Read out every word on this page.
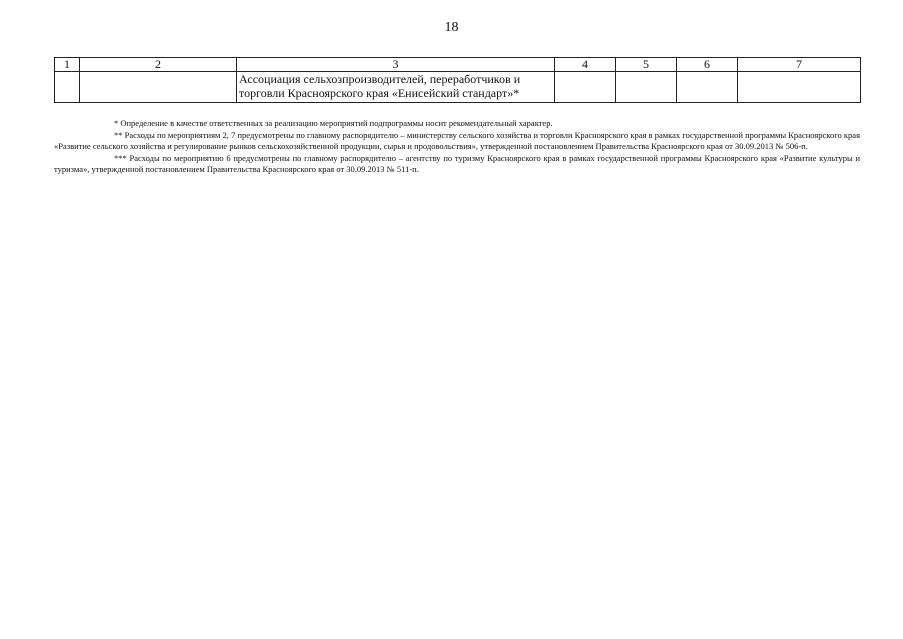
18
1	2	3	4	5	6	7
		Ассоциация сельхозпроизводителей, переработчиков и торговли Красноярского края «Енисейский стандарт»*				

* Определение в качестве ответственных за реализацию мероприятий подпрограммы носит рекомендательный характер.

** Расходы по мероприятиям 2, 7 предусмотрены по главному распорядителю – министерству сельского хозяйства и торговли Красноярского края в рамках государственной программы Красноярского края «Развитие сельского хозяйства и регулирование рынков сельскохозяйственной продукции, сырья и продовольствия», утвержденной постановлением Правительства Красноярского края от 30.09.2013 № 506-п.

*** Расходы по мероприятию 6 предусмотрены по главному распорядителю – агентству по туризму Красноярского края в рамках государственной программы Красноярского края «Развитие культуры и туризма», утвержденной постановлением Правительства Красноярского края от 30.09.2013 № 511-п.
